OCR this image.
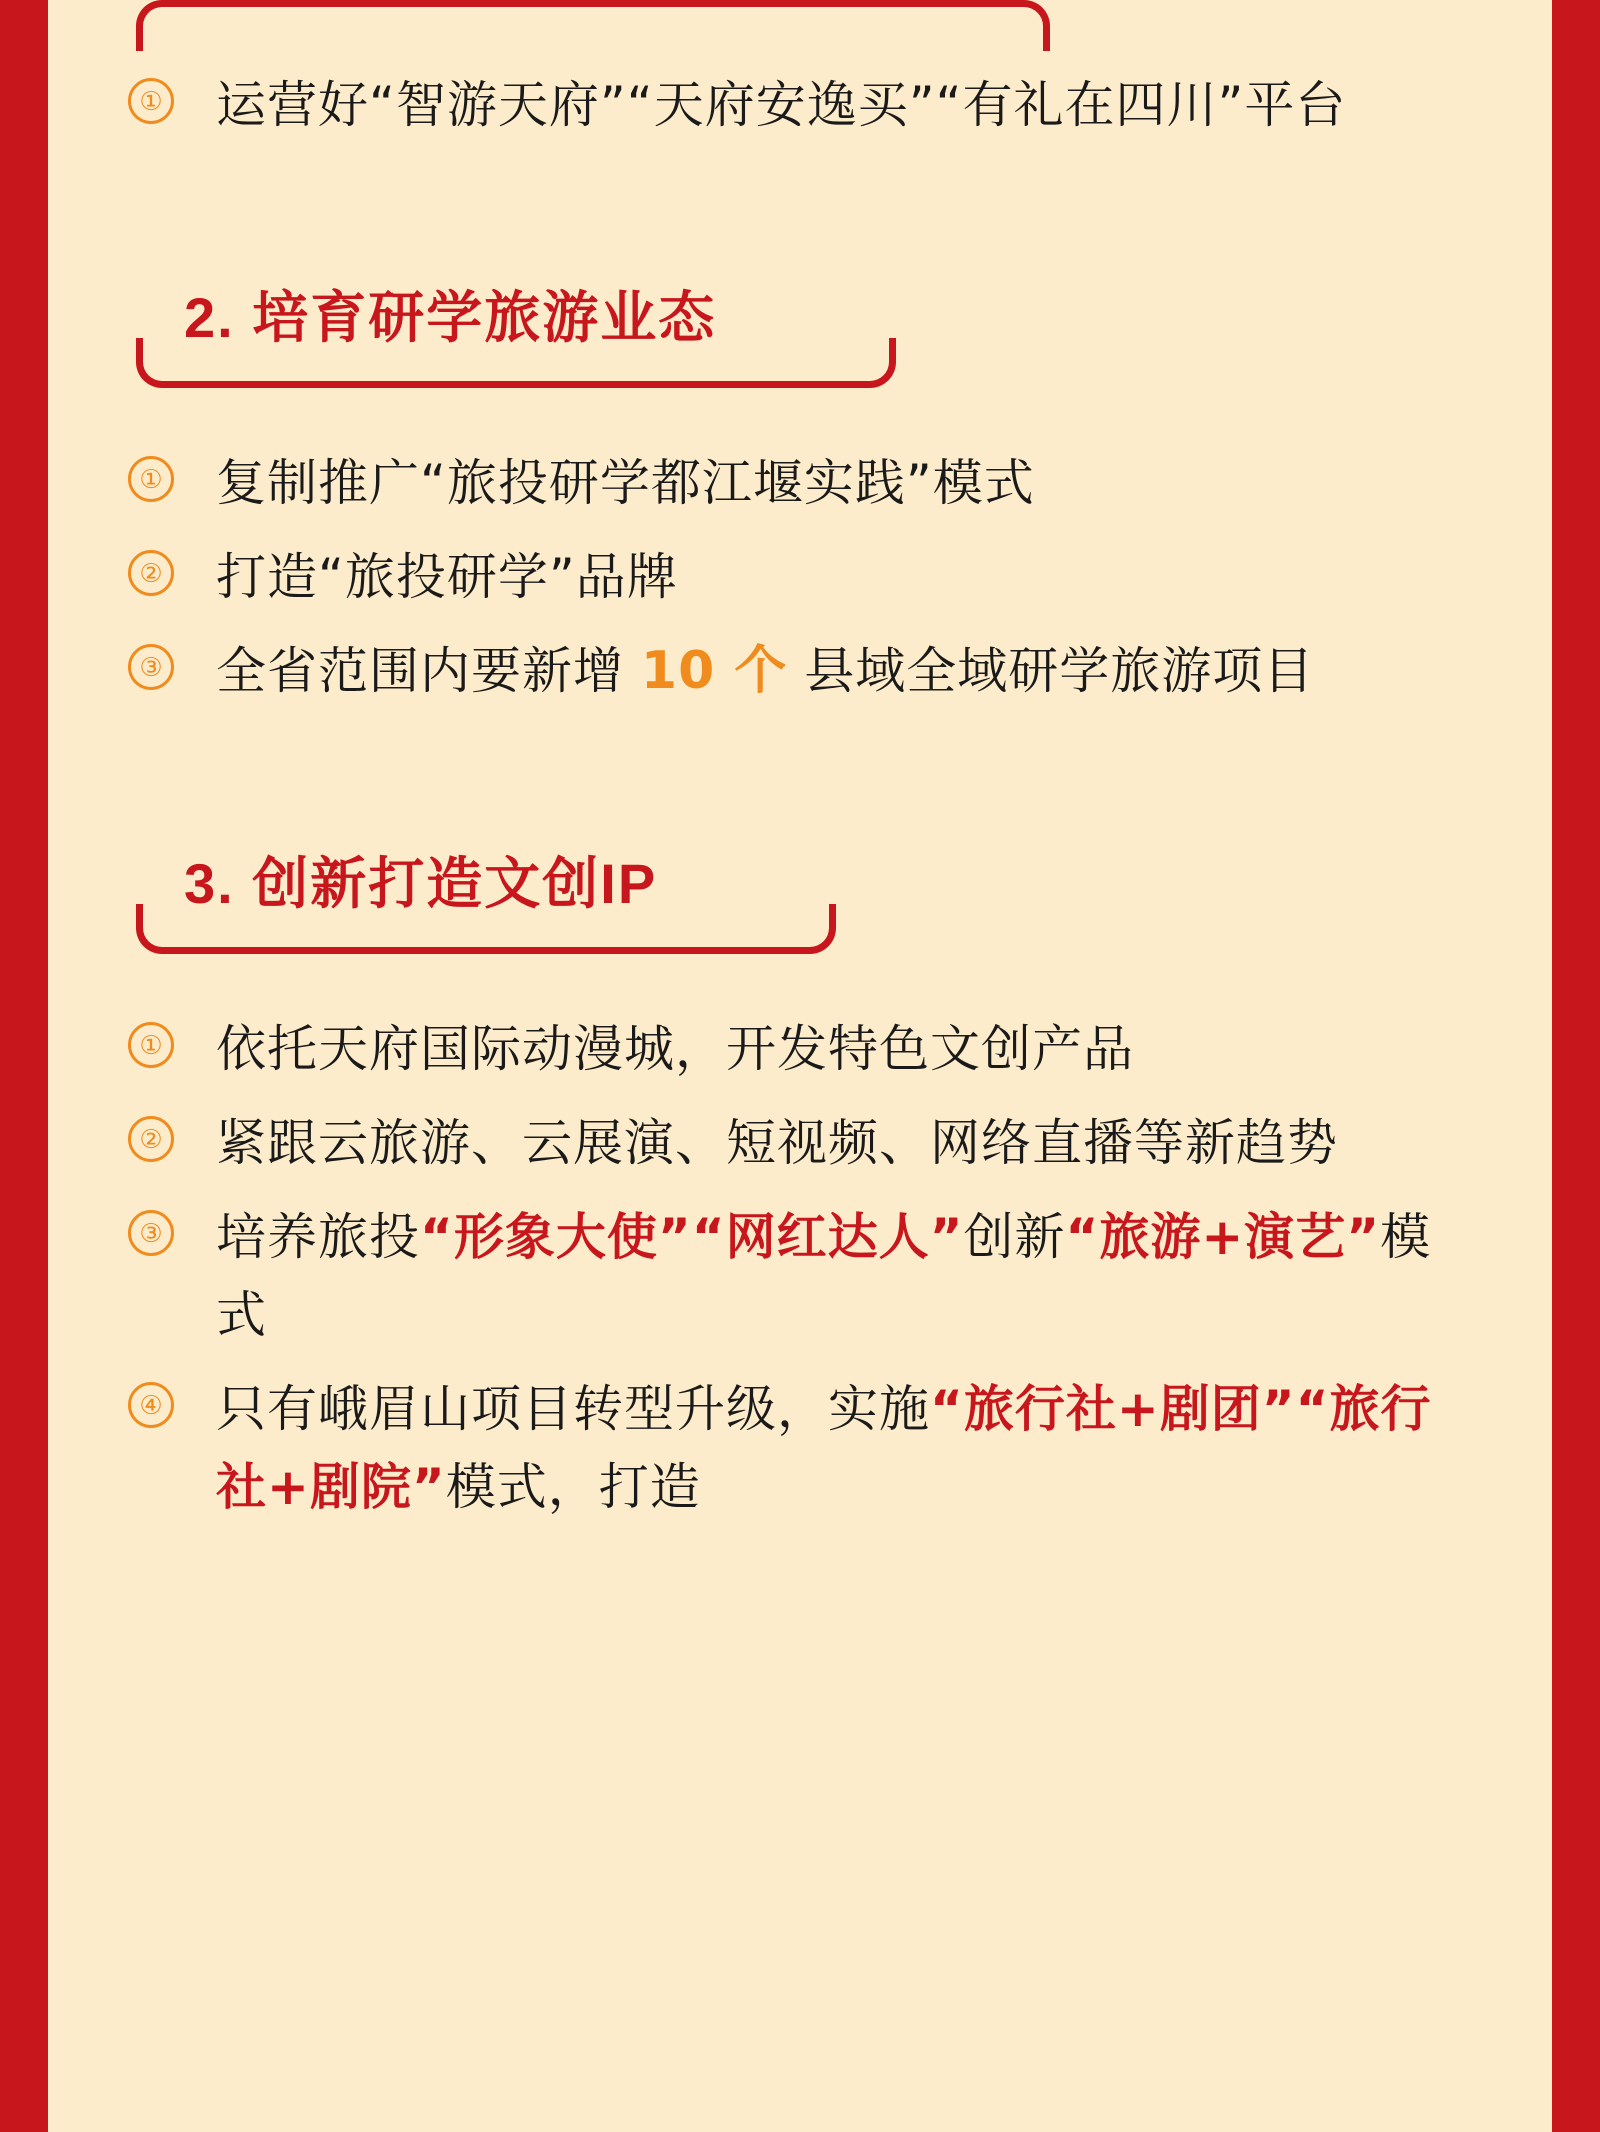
① 运营好“智游天府”“天府安逸买”“有礼在四川”平台
2. 培育研学旅游业态
① 复制推广“旅投研学都江堰实践”模式
② 打造“旅投研学”品牌
③ 全省范围内要新增 10 个 县域全域研学旅游项目
3. 创新打造文创IP
① 依托天府国际动漫城，开发特色文创产品
② 紧跟云旅游、云展演、短视频、网络直播等新趋势
③ 培养旅投“形象大使”“网红达人”创新“旅游+演艺”模式
④ 只有峨眉山项目转型升级，实施“旅行社+剧团”“旅行社+剧院”模式，打造
